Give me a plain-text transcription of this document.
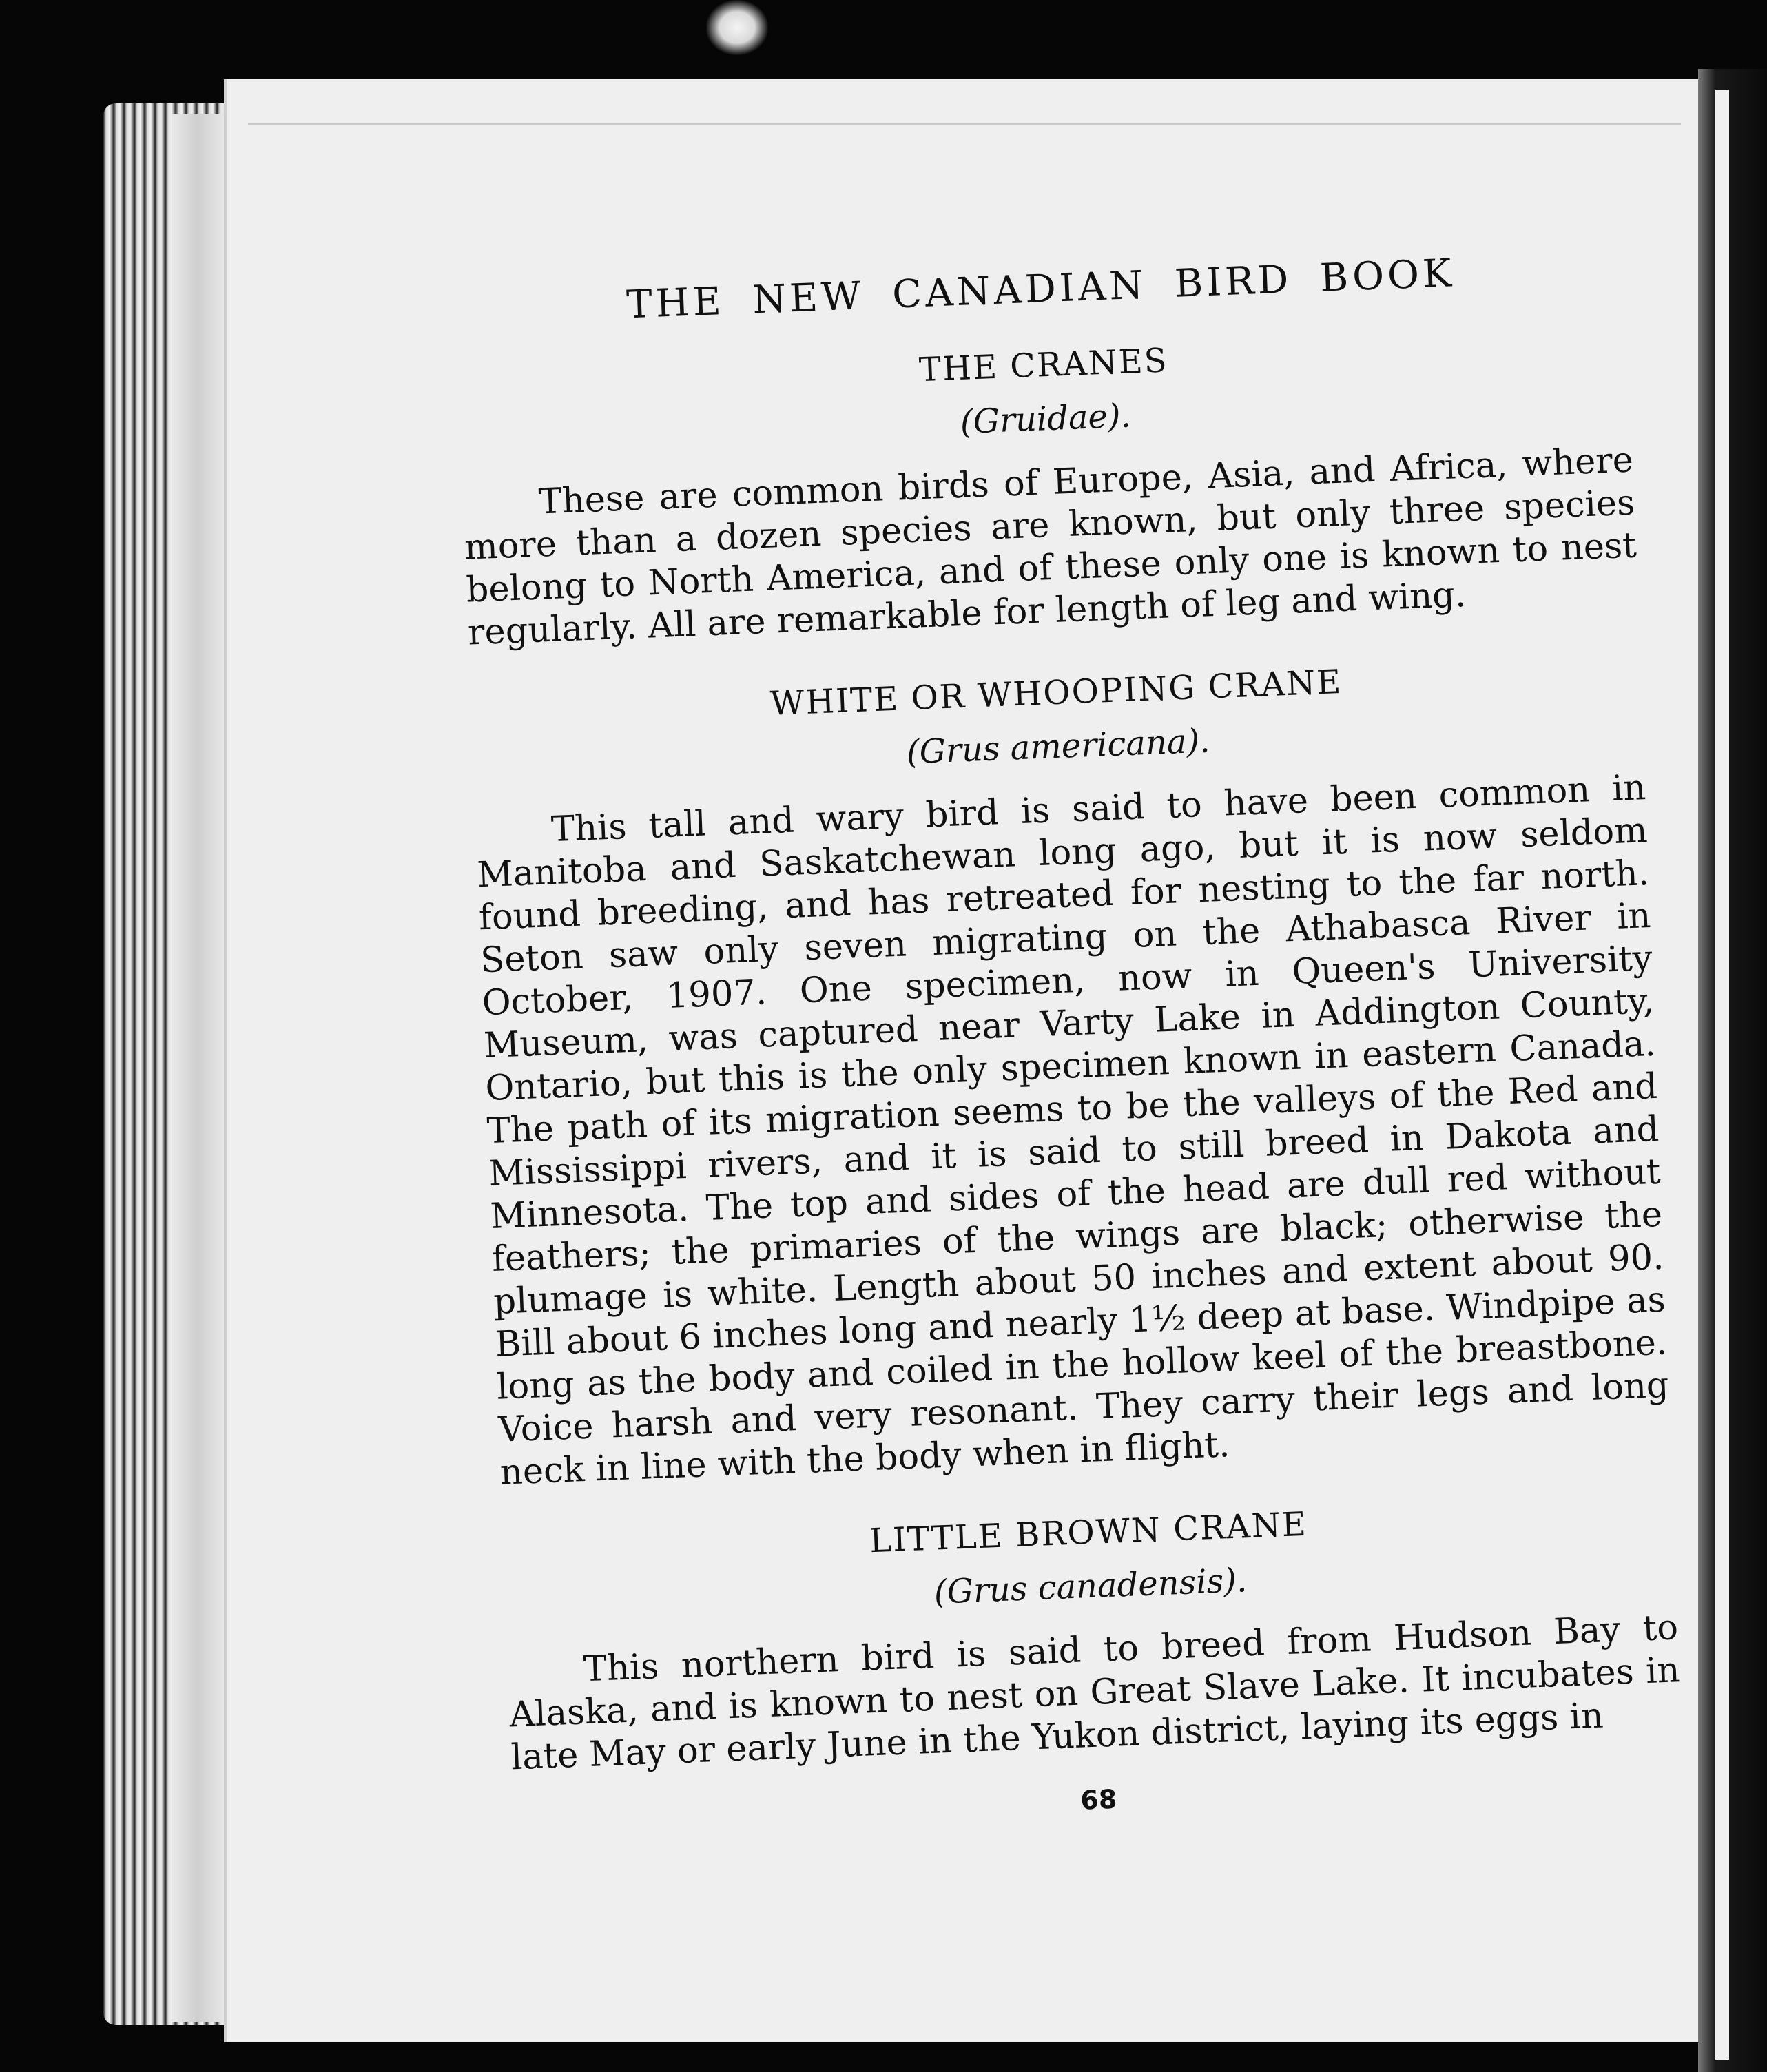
THE NEW CANADIAN BIRD BOOK
THE CRANES
(Gruidae).

These are common birds of Europe, Asia, and Africa, where more than a dozen species are known, but only three species belong to North America, and of these only one is known to nest regularly. All are remarkable for length of leg and wing.

WHITE OR WHOOPING CRANE
(Grus americana).

This tall and wary bird is said to have been common in Manitoba and Saskatchewan long ago, but it is now seldom found breeding, and has retreated for nesting to the far north. Seton saw only seven migrating on the Athabasca River in October, 1907. One specimen, now in Queen's University Museum, was captured near Varty Lake in Addington County, Ontario, but this is the only specimen known in eastern Canada. The path of its migration seems to be the valleys of the Red and Mississippi rivers, and it is said to still breed in Dakota and Minnesota. The top and sides of the head are dull red without feathers; the primaries of the wings are black; otherwise the plumage is white. Length about 50 inches and extent about 90. Bill about 6 inches long and nearly 1½ deep at base. Windpipe as long as the body and coiled in the hollow keel of the breastbone. Voice harsh and very resonant. They carry their legs and long neck in line with the body when in flight.

LITTLE BROWN CRANE
(Grus canadensis).

This northern bird is said to breed from Hudson Bay to Alaska, and is known to nest on Great Slave Lake. It incubates in late May or early June in the Yukon district, laying its eggs in

68
